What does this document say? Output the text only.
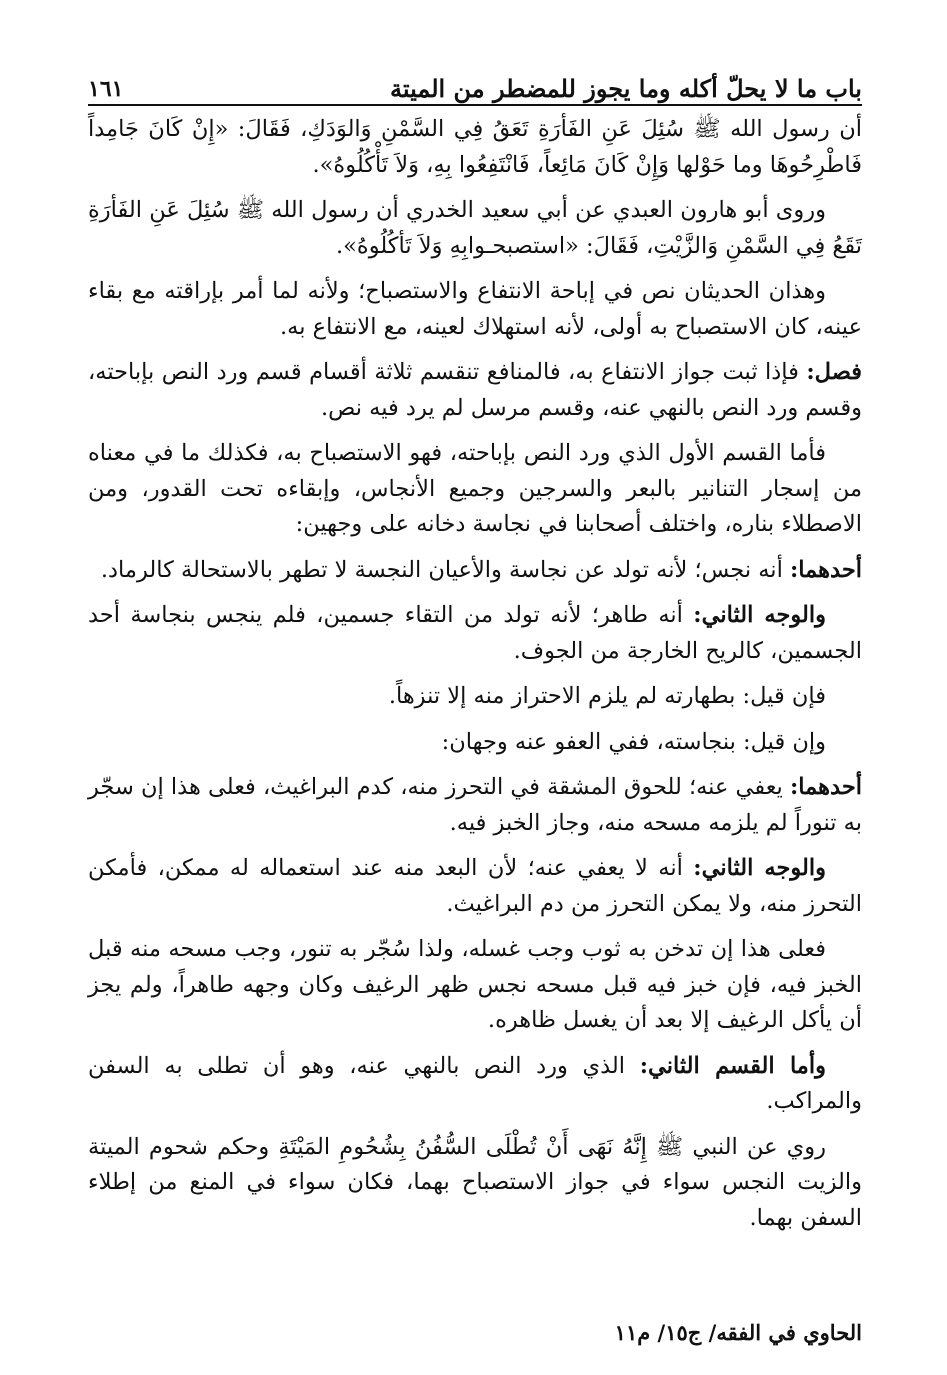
باب ما لا يحلّ أكله وما يجوز للمضطر من الميتة
١٦١

أن رسول الله ﷺ سُئِلَ عَنِ الفَأرَةِ تَعَقُ فِي السَّمْنِ وَالوَدَكِ، فَقَالَ: «إِنْ كَانَ جَامِداً فَاطْرِحُوهَا وما حَوْلها وَإِنْ كَانَ مَائِعاً، فَانْتَفِعُوا بِهِ، وَلاَ تَأْكُلُوهُ».

وروى أبو هارون العبدي عن أبي سعيد الخدري أن رسول الله ﷺ سُئِلَ عَنِ الفَأرَةِ تَقَعُ فِي السَّمْنِ وَالزَّيْتِ، فَقَالَ: «استصبحـوابِهِ وَلاَ تَأكُلُوهُ».

وهذان الحديثان نص في إباحة الانتفاع والاستصباح؛ ولأنه لما أمر بإراقته مع بقاء عينه، كان الاستصباح به أولى، لأنه استهلاك لعينه، مع الانتفاع به.

فصل: فإذا ثبت جواز الانتفاع به، فالمنافع تنقسم ثلاثة أقسام قسم ورد النص بإباحته، وقسم ورد النص بالنهي عنه، وقسم مرسل لم يرد فيه نص.

فأما القسم الأول الذي ورد النص بإباحته، فهو الاستصباح به، فكذلك ما في معناه من إسجار التنانير بالبعر والسرجين وجميع الأنجاس، وإبقاءه تحت القدور، ومن الاصطلاء بناره، واختلف أصحابنا في نجاسة دخانه على وجهين:

أحدهما: أنه نجس؛ لأنه تولد عن نجاسة والأعيان النجسة لا تطهر بالاستحالة كالرماد.

والوجه الثاني: أنه طاهر؛ لأنه تولد من التقاء جسمين، فلم ينجس بنجاسة أحد الجسمين، كالريح الخارجة من الجوف.

فإن قيل: بطهارته لم يلزم الاحتراز منه إلا تنزهاً.

وإن قيل: بنجاسته، ففي العفو عنه وجهان:

أحدهما: يعفي عنه؛ للحوق المشقة في التحرز منه، كدم البراغيث، فعلى هذا إن سجّر به تنوراً لم يلزمه مسحه منه، وجاز الخبز فيه.

والوجه الثاني: أنه لا يعفي عنه؛ لأن البعد منه عند استعماله له ممكن، فأمكن التحرز منه، ولا يمكن التحرز من دم البراغيث.

فعلى هذا إن تدخن به ثوب وجب غسله، ولذا سُجّر به تنور، وجب مسحه منه قبل الخبز فيه، فإن خبز فيه قبل مسحه نجس ظهر الرغيف وكان وجهه طاهراً، ولم يجز أن يأكل الرغيف إلا بعد أن يغسل ظاهره.

وأما القسم الثاني: الذي ورد النص بالنهي عنه، وهو أن تطلى به السفن والمراكب.

روي عن النبي ﷺ إِنَّهُ نَهَى أَنْ تُطْلَى السُّفُنُ بِشُحُومِ المَيْتَةِ وحكم شحوم الميتة والزيت النجس سواء في جواز الاستصباح بهما، فكان سواء في المنع من إطلاء السفن بهما.

الحاوي في الفقه/ ج١٥/ م١١
